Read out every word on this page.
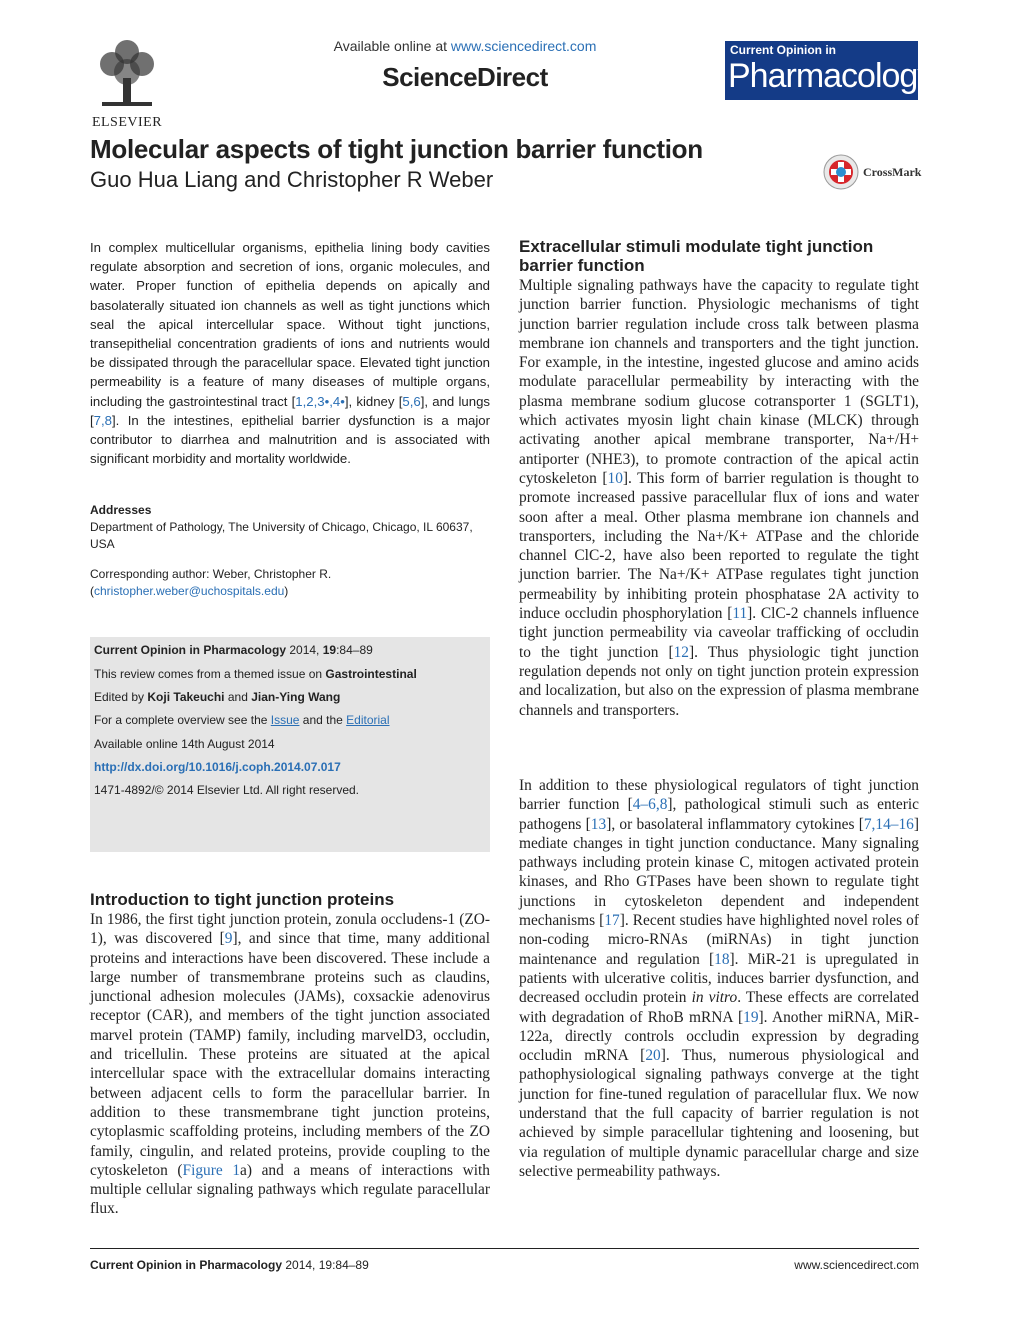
ELSEVIER
Available online at www.sciencedirect.com
ScienceDirect
Current Opinion in
Pharmacology
Molecular aspects of tight junction barrier function
Guo Hua Liang and Christopher R Weber	CrossMark
In complex multicellular organisms, epithelia lining body cavities regulate absorption and secretion of ions, organic molecules, and water. Proper function of epithelia depends on apically and basolaterally situated ion channels as well as tight junctions which seal the apical intercellular space. Without tight junctions, transepithelial concentration gradients of ions and nutrients would be dissipated through the paracellular space. Elevated tight junction permeability is a feature of many diseases of multiple organs, including the gastrointestinal tract [1,2,3•,4•], kidney [5,6], and lungs [7,8]. In the intestines, epithelial barrier dysfunction is a major contributor to diarrhea and malnutrition and is associated with significant morbidity and mortality worldwide.
Addresses
Department of Pathology, The University of Chicago, Chicago, IL 60637, USA
Corresponding author: Weber, Christopher R.
(christopher.weber@uchospitals.edu)
Current Opinion in Pharmacology 2014, 19:84–89
This review comes from a themed issue on Gastrointestinal
Edited by Koji Takeuchi and Jian-Ying Wang
For a complete overview see the Issue and the Editorial
Available online 14th August 2014
http://dx.doi.org/10.1016/j.coph.2014.07.017
1471-4892/© 2014 Elsevier Ltd. All right reserved.
Introduction to tight junction proteins
In 1986, the first tight junction protein, zonula occludens-1 (ZO-1), was discovered [9], and since that time, many additional proteins and interactions have been discovered. These include a large number of transmembrane proteins such as claudins, junctional adhesion molecules (JAMs), coxsackie adenovirus receptor (CAR), and members of the tight junction associated marvel protein (TAMP) family, including marvelD3, occludin, and tricellulin. These proteins are situated at the apical intercellular space with the extracellular domains interacting between adjacent cells to form the paracellular barrier. In addition to these transmembrane tight junction proteins, cytoplasmic scaffolding proteins, including members of the ZO family, cingulin, and related proteins, provide coupling to the cytoskeleton (Figure 1a) and a means of interactions with multiple cellular signaling pathways which regulate paracellular flux.
Extracellular stimuli modulate tight junction barrier function
Multiple signaling pathways have the capacity to regulate tight junction barrier function. Physiologic mechanisms of tight junction barrier regulation include cross talk between plasma membrane ion channels and transporters and the tight junction. For example, in the intestine, ingested glucose and amino acids modulate paracellular permeability by interacting with the plasma membrane sodium glucose cotransporter 1 (SGLT1), which activates myosin light chain kinase (MLCK) through activating another apical membrane transporter, Na+/H+ antiporter (NHE3), to promote contraction of the apical actin cytoskeleton [10]. This form of barrier regulation is thought to promote increased passive paracellular flux of ions and water soon after a meal. Other plasma membrane ion channels and transporters, including the Na+/K+ ATPase and the chloride channel ClC-2, have also been reported to regulate the tight junction barrier. The Na+/K+ ATPase regulates tight junction permeability by inhibiting protein phosphatase 2A activity to induce occludin phosphorylation [11]. ClC-2 channels influence tight junction permeability via caveolar trafficking of occludin to the tight junction [12]. Thus physiologic tight junction regulation depends not only on tight junction protein expression and localization, but also on the expression of plasma membrane channels and transporters.
In addition to these physiological regulators of tight junction barrier function [4–6,8], pathological stimuli such as enteric pathogens [13], or basolateral inflammatory cytokines [7,14–16] mediate changes in tight junction conductance. Many signaling pathways including protein kinase C, mitogen activated protein kinases, and Rho GTPases have been shown to regulate tight junctions in cytoskeleton dependent and independent mechanisms [17]. Recent studies have highlighted novel roles of non-coding micro-RNAs (miRNAs) in tight junction maintenance and regulation [18]. MiR-21 is upregulated in patients with ulcerative colitis, induces barrier dysfunction, and decreased occludin protein in vitro. These effects are correlated with degradation of RhoB mRNA [19]. Another miRNA, MiR-122a, directly controls occludin expression by degrading occludin mRNA [20]. Thus, numerous physiological and pathophysiological signaling pathways converge at the tight junction for fine-tuned regulation of paracellular flux. We now understand that the full capacity of barrier regulation is not achieved by simple paracellular tightening and loosening, but via regulation of multiple dynamic paracellular charge and size selective permeability pathways.
Current Opinion in Pharmacology 2014, 19:84–89	www.sciencedirect.com
